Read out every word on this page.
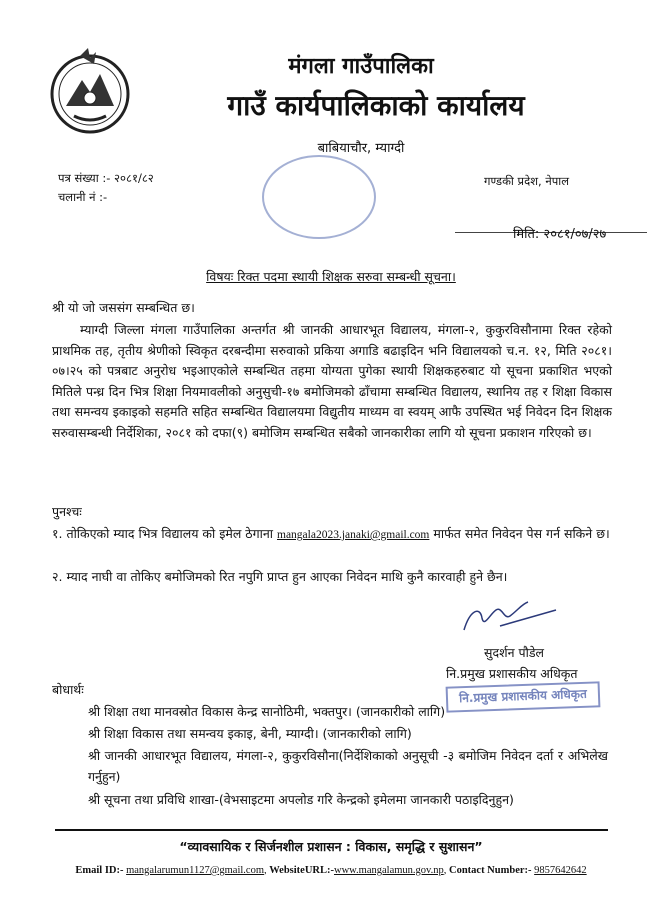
मंगला गाउँपालिका
गाउँ कार्यपालिकाको कार्यालय
बाबियाचौर, म्याग्दी
पत्र संख्या :- २०८१/८२
चलानी नं :-
गण्डकी प्रदेश, नेपाल
मिति: २०८१/०७/२७
विषयः रिक्त पदमा स्थायी शिक्षक सरुवा सम्बन्धी सूचना।
श्री यो जो जससंग सम्बन्धित छ।
म्याग्दी जिल्ला मंगला गाउँपालिका अन्तर्गत श्री जानकी आधारभूत विद्यालय, मंगला-२, कुकुरविसौनामा रिक्त रहेको प्राथमिक तह, तृतीय श्रेणीको स्विकृत दरबन्दीमा सरुवाको प्रकिया अगाडि बढाइदिन भनि विद्यालयको च.न. १२, मिति २०८१।०७।२५ को पत्रबाट अनुरोध भइआएकोले सम्बन्धित तहमा योग्यता पुगेका स्थायी शिक्षकहरुबाट यो सूचना प्रकाशित भएको मितिले पन्ध्र दिन भित्र शिक्षा नियमावलीको अनुसुची-१७ बमोजिमको ढाँचामा सम्बन्धित विद्यालय, स्थानिय तह र शिक्षा विकास तथा समन्वय इकाइको सहमति सहित सम्बन्धित विद्यालयमा विद्युतीय माध्यम वा स्वयम् आफै उपस्थित भई निवेदन दिन शिक्षक सरुवासम्बन्धी निर्देशिका, २०८१ को दफा(९) बमोजिम सम्बन्धित सबैको जानकारीका लागि यो सूचना प्रकाशन गरिएको छ।
पुनश्चः
१. तोकिएको म्याद भित्र विद्यालय को इमेल ठेगाना mangala2023.janaki@gmail.com मार्फत समेत निवेदन पेस गर्न सकिने छ।
२. म्याद नाघी वा तोकिए बमोजिमको रित नपुगि प्राप्त हुन आएका निवेदन माथि कुनै कारवाही हुने छैन।
सुदर्शन पौडेल
नि.प्रमुख प्रशासकीय अधिकृत
नि.प्रमुख प्रशासकीय अधिकृत
बोधार्थः
श्री शिक्षा तथा मानवस्रोत विकास केन्द्र सानोठिमी, भक्तपुर। (जानकारीको लागि)
श्री शिक्षा विकास तथा समन्वय इकाइ, बेनी, म्याग्दी। (जानकारीको लागि)
श्री जानकी आधारभूत विद्यालय, मंगला-२, कुकुरविसौना(निर्देशिकाको अनुसूची -३ बमोजिम निवेदन दर्ता र अभिलेख गर्नुहुन)
श्री सूचना तथा प्रविधि शाखा-(वेभसाइटमा अपलोड गरि केन्द्रको इमेलमा जानकारी पठाइदिनुहुन)
“व्यावसायिक र सिर्जनशील प्रशासन : विकास, समृद्धि र सुशासन”
Email ID:- mangalarumun1127@gmail.com, WebsiteURL:-www.mangalamun.gov.np, Contact Number:- 9857642642
